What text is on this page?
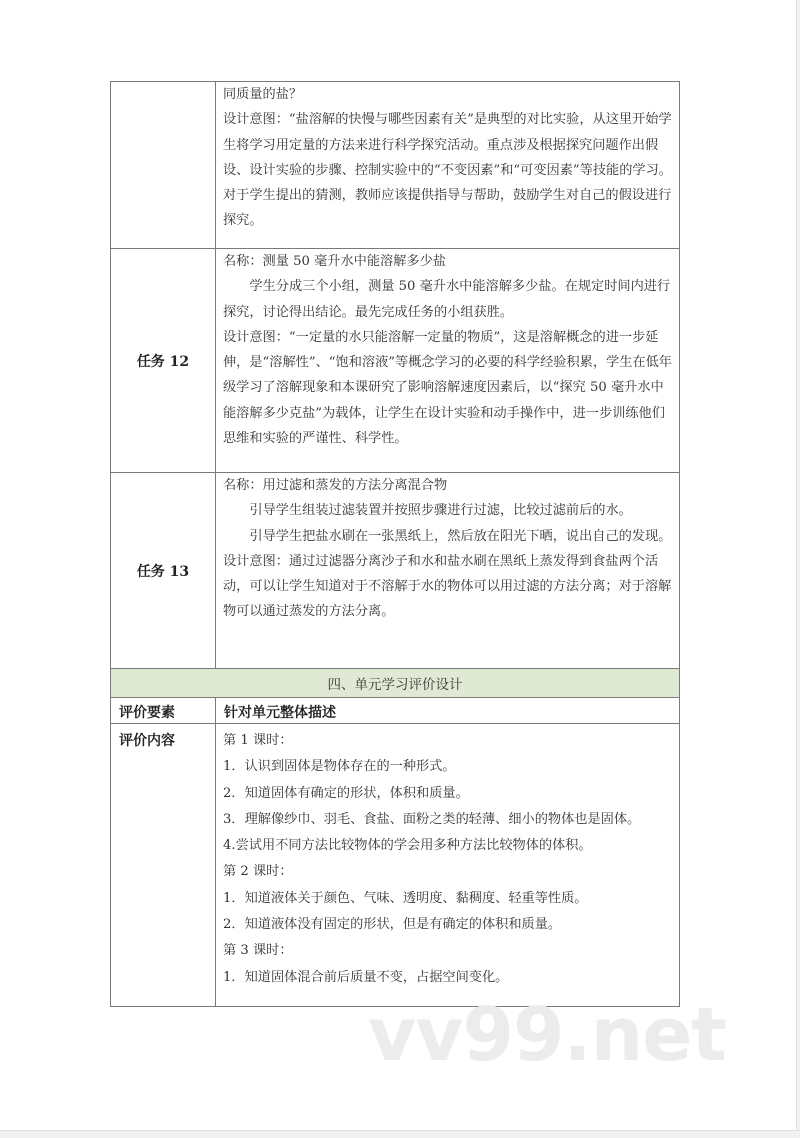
	同质量的盐？

设计意图：“盐溶解的快慢与哪些因素有关”是典型的对比实验，从这里开始学生将学习用定量的方法来进行科学探究活动。重点涉及根据探究问题作出假设、设计实验的步骤、控制实验中的“不变因素”和“可变因素”等技能的学习。对于学生提出的猜测，教师应该提供指导与帮助，鼓励学生对自己的假设进行探究。

任务 12	名称：测量 50 毫升水中能溶解多少盐

学生分成三个小组，测量 50 毫升水中能溶解多少盐。在规定时间内进行探究，讨论得出结论。最先完成任务的小组获胜。

设计意图：“一定量的水只能溶解一定量的物质”，这是溶解概念的进一步延伸，是“溶解性”、“饱和溶液”等概念学习的必要的科学经验积累，学生在低年级学习了溶解现象和本课研究了影响溶解速度因素后，以“探究 50 毫升水中能溶解多少克盐”为载体，让学生在设计实验和动手操作中，进一步训练他们思维和实验的严谨性、科学性。

任务 13	名称：用过滤和蒸发的方法分离混合物

引导学生组装过滤装置并按照步骤进行过滤，比较过滤前后的水。

引导学生把盐水刷在一张黑纸上，然后放在阳光下晒，说出自己的发现。

设计意图：通过过滤器分离沙子和水和盐水刷在黑纸上蒸发得到食盐两个活动，可以让学生知道对于不溶解于水的物体可以用过滤的方法分离；对于溶解物可以通过蒸发的方法分离。

四、单元学习评价设计	
评价要素	针对单元整体描述
评价内容	第 1 课时：

1．认识到固体是物体存在的一种形式。

2．知道固体有确定的形状，体积和质量。

3．理解像纱巾、羽毛、食盐、面粉之类的轻薄、细小的物体也是固体。

4.尝试用不同方法比较物体的学会用多种方法比较物体的体积。

第 2 课时：

1．知道液体关于颜色、气味、透明度、黏稠度、轻重等性质。

2．知道液体没有固定的形状，但是有确定的体积和质量。

第 3 课时：

1．知道固体混合前后质量不变，占据空间变化。

vv99.net
